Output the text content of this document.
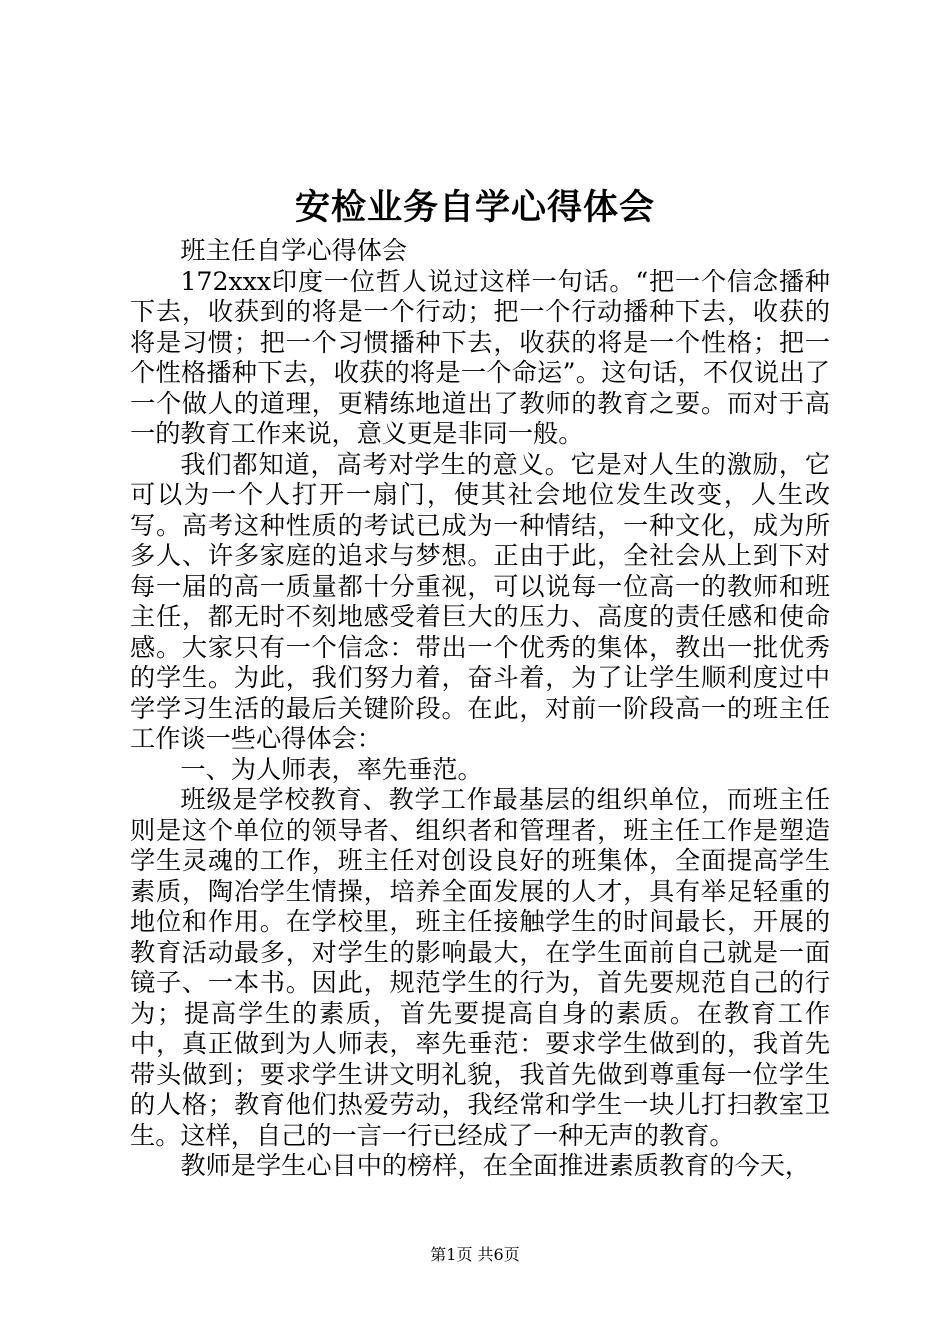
安检业务自学心得体会

班主任自学心得体会

172xxx印度一位哲人说过这样一句话。“把一个信念播种下去，收获到的将是一个行动；把一个行动播种下去，收获的将是习惯；把一个习惯播种下去，收获的将是一个性格；把一个性格播种下去，收获的将是一个命运”。这句话，不仅说出了一个做人的道理，更精练地道出了教师的教育之要。而对于高一的教育工作来说，意义更是非同一般。

我们都知道，高考对学生的意义。它是对人生的激励，它可以为一个人打开一扇门，使其社会地位发生改变，人生改写。高考这种性质的考试已成为一种情结，一种文化，成为所多人、许多家庭的追求与梦想。正由于此，全社会从上到下对每一届的高一质量都十分重视，可以说每一位高一的教师和班主任，都无时不刻地感受着巨大的压力、高度的责任感和使命感。大家只有一个信念：带出一个优秀的集体，教出一批优秀的学生。为此，我们努力着，奋斗着，为了让学生顺利度过中学学习生活的最后关键阶段。在此，对前一阶段高一的班主任工作谈一些心得体会：

一、为人师表，率先垂范。

班级是学校教育、教学工作最基层的组织单位，而班主任则是这个单位的领导者、组织者和管理者，班主任工作是塑造学生灵魂的工作，班主任对创设良好的班集体，全面提高学生素质，陶冶学生情操，培养全面发展的人才，具有举足轻重的地位和作用。在学校里，班主任接触学生的时间最长，开展的教育活动最多，对学生的影响最大，在学生面前自己就是一面镜子、一本书。因此，规范学生的行为，首先要规范自己的行为；提高学生的素质，首先要提高自身的素质。在教育工作中，真正做到为人师表，率先垂范：要求学生做到的，我首先带头做到；要求学生讲文明礼貌，我首先做到尊重每一位学生的人格；教育他们热爱劳动，我经常和学生一块儿打扫教室卫生。这样，自己的一言一行已经成了一种无声的教育。

教师是学生心目中的榜样，在全面推进素质教育的今天，

第1页 共6页
